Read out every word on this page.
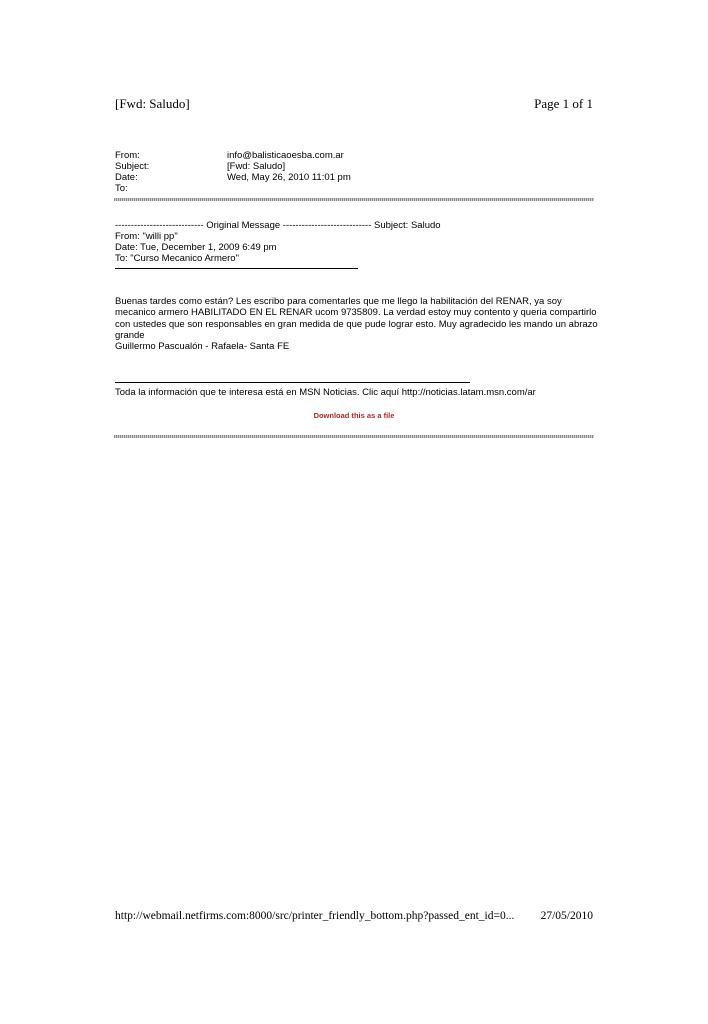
[Fwd: Saludo]	Page 1 of 1
From:	info@balisticaoesba.com.ar
Subject:	[Fwd: Saludo]
Date:	Wed, May 26, 2010 11:01 pm
To:
---------------------------- Original Message ---------------------------- Subject: Saludo
From: "willi pp"
Date: Tue, December 1, 2009 6:49 pm
To: "Curso Mecanico Armero"

Buenas tardes como están? Les escribo para comentarles que me llego la habilitación del RENAR, ya soy mecanico armero HABILITADO EN EL RENAR ucom 9735809. La verdad estoy muy contento y queria compartirlo con ustedes que son responsables en gran medida de que pude lograr esto. Muy agradecido les mando un abrazo grande

Guillermo Pascualón - Rafaela- Santa FE

Toda la información que te interesa está en MSN Noticias. Clic aquí http://noticias.latam.msn.com/ar
Download this as a file
http://webmail.netfirms.com:8000/src/printer_friendly_bottom.php?passed_ent_id=0... 27/05/2010
